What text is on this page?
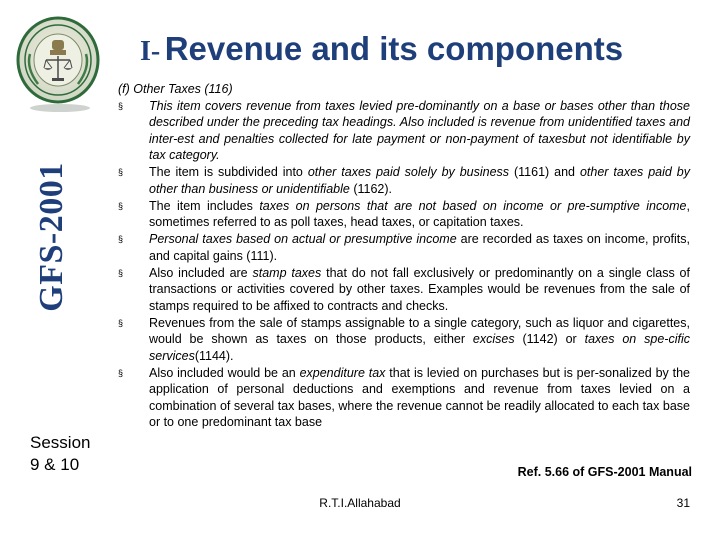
GFS-2001
Session
9 & 10
I- Revenue and its components

(f) Other Taxes (116)

§ This item covers revenue from taxes levied pre-dominantly on a base or bases other than those described under the preceding tax headings. Also included is revenue from unidentified taxes and inter-est and penalties collected for late payment or non-payment of taxesbut not identifiable by tax category.
§ The item is subdivided into other taxes paid solely by business (1161) and other taxes paid by other than business or unidentifiable (1162).
§ The item includes taxes on persons that are not based on income or pre-sumptive income, sometimes referred to as poll taxes, head taxes, or capitation taxes.
§ Personal taxes based on actual or presumptive income are recorded as taxes on income, profits, and capital gains (111).
§ Also included are stamp taxes that do not fall exclusively or predominantly on a single class of transactions or activities covered by other taxes. Examples would be revenues from the sale of stamps required to be affixed to contracts and checks.
§ Revenues from the sale of stamps assignable to a single category, such as liquor and cigarettes, would be shown as taxes on those products, either excises (1142) or taxes on spe-cific services(1144).
§ Also included would be an expenditure tax that is levied on purchases but is per-sonalized by the application of personal deductions and exemptions and revenue from taxes levied on a combination of several tax bases, where the revenue cannot be readily allocated to each tax base or to one predominant tax base
Ref. 5.66 of GFS-2001 Manual
R.T.I.Allahabad	31
